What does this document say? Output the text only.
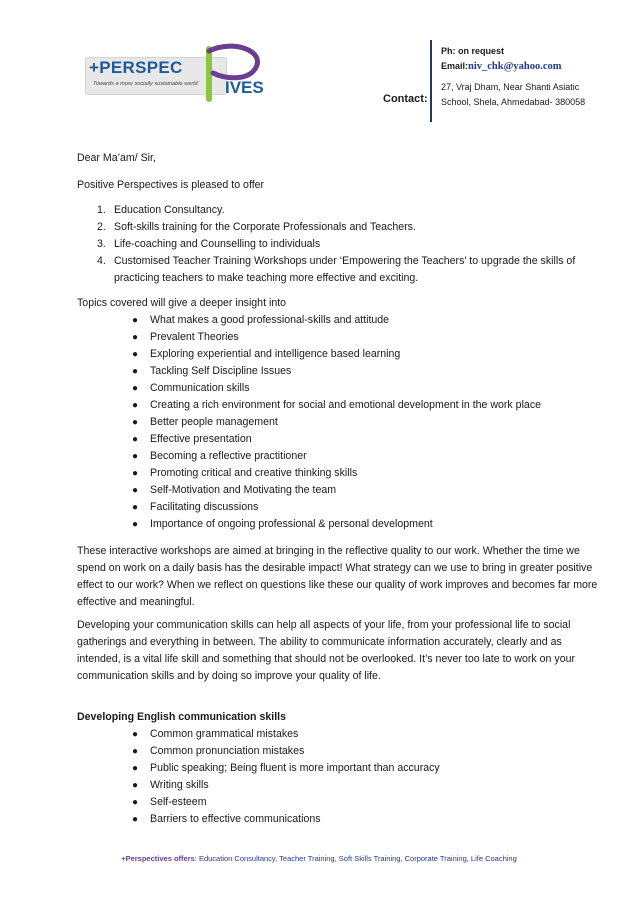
+PERSPEC
Towards a more socially sustainable world IVES
Contact:
Ph: on request
Email:niv_chk@yahoo.com
27, Vraj Dham, Near Shanti Asiatic
School, Shela, Ahmedabad- 380058

Dear Ma’am/ Sir,

Positive Perspectives is pleased to offer

1. Education Consultancy.
2. Soft-skills training for the Corporate Professionals and Teachers.
3. Life-coaching and Counselling to individuals
4. Customised Teacher Training Workshops under ‘Empowering the Teachers’ to upgrade the skills of practicing teachers to make teaching more effective and exciting.

Topics covered will give a deeper insight into

● What makes a good professional-skills and attitude
● Prevalent Theories
● Exploring experiential and intelligence based learning
● Tackling Self Discipline Issues
● Communication skills
● Creating a rich environment for social and emotional development in the work place
● Better people management
● Effective presentation
● Becoming a reflective practitioner
● Promoting critical and creative thinking skills
● Self-Motivation and Motivating the team
● Facilitating discussions
● Importance of ongoing professional & personal development

These interactive workshops are aimed at bringing in the reflective quality to our work. Whether the time we spend on work on a daily basis has the desirable impact! What strategy can we use to bring in greater positive effect to our work? When we reflect on questions like these our quality of work improves and becomes far more effective and meaningful.

Developing your communication skills can help all aspects of your life, from your professional life to social gatherings and everything in between. The ability to communicate information accurately, clearly and as intended, is a vital life skill and something that should not be overlooked. It’s never too late to work on your communication skills and by doing so improve your quality of life.

Developing English communication skills

● Common grammatical mistakes
● Common pronunciation mistakes
● Public speaking; Being fluent is more important than accuracy
● Writing skills
● Self-esteem
● Barriers to effective communications
+Perspectives offers: Education Consultancy, Teacher Training, Soft Skills Training, Corporate Training, Life Coaching
